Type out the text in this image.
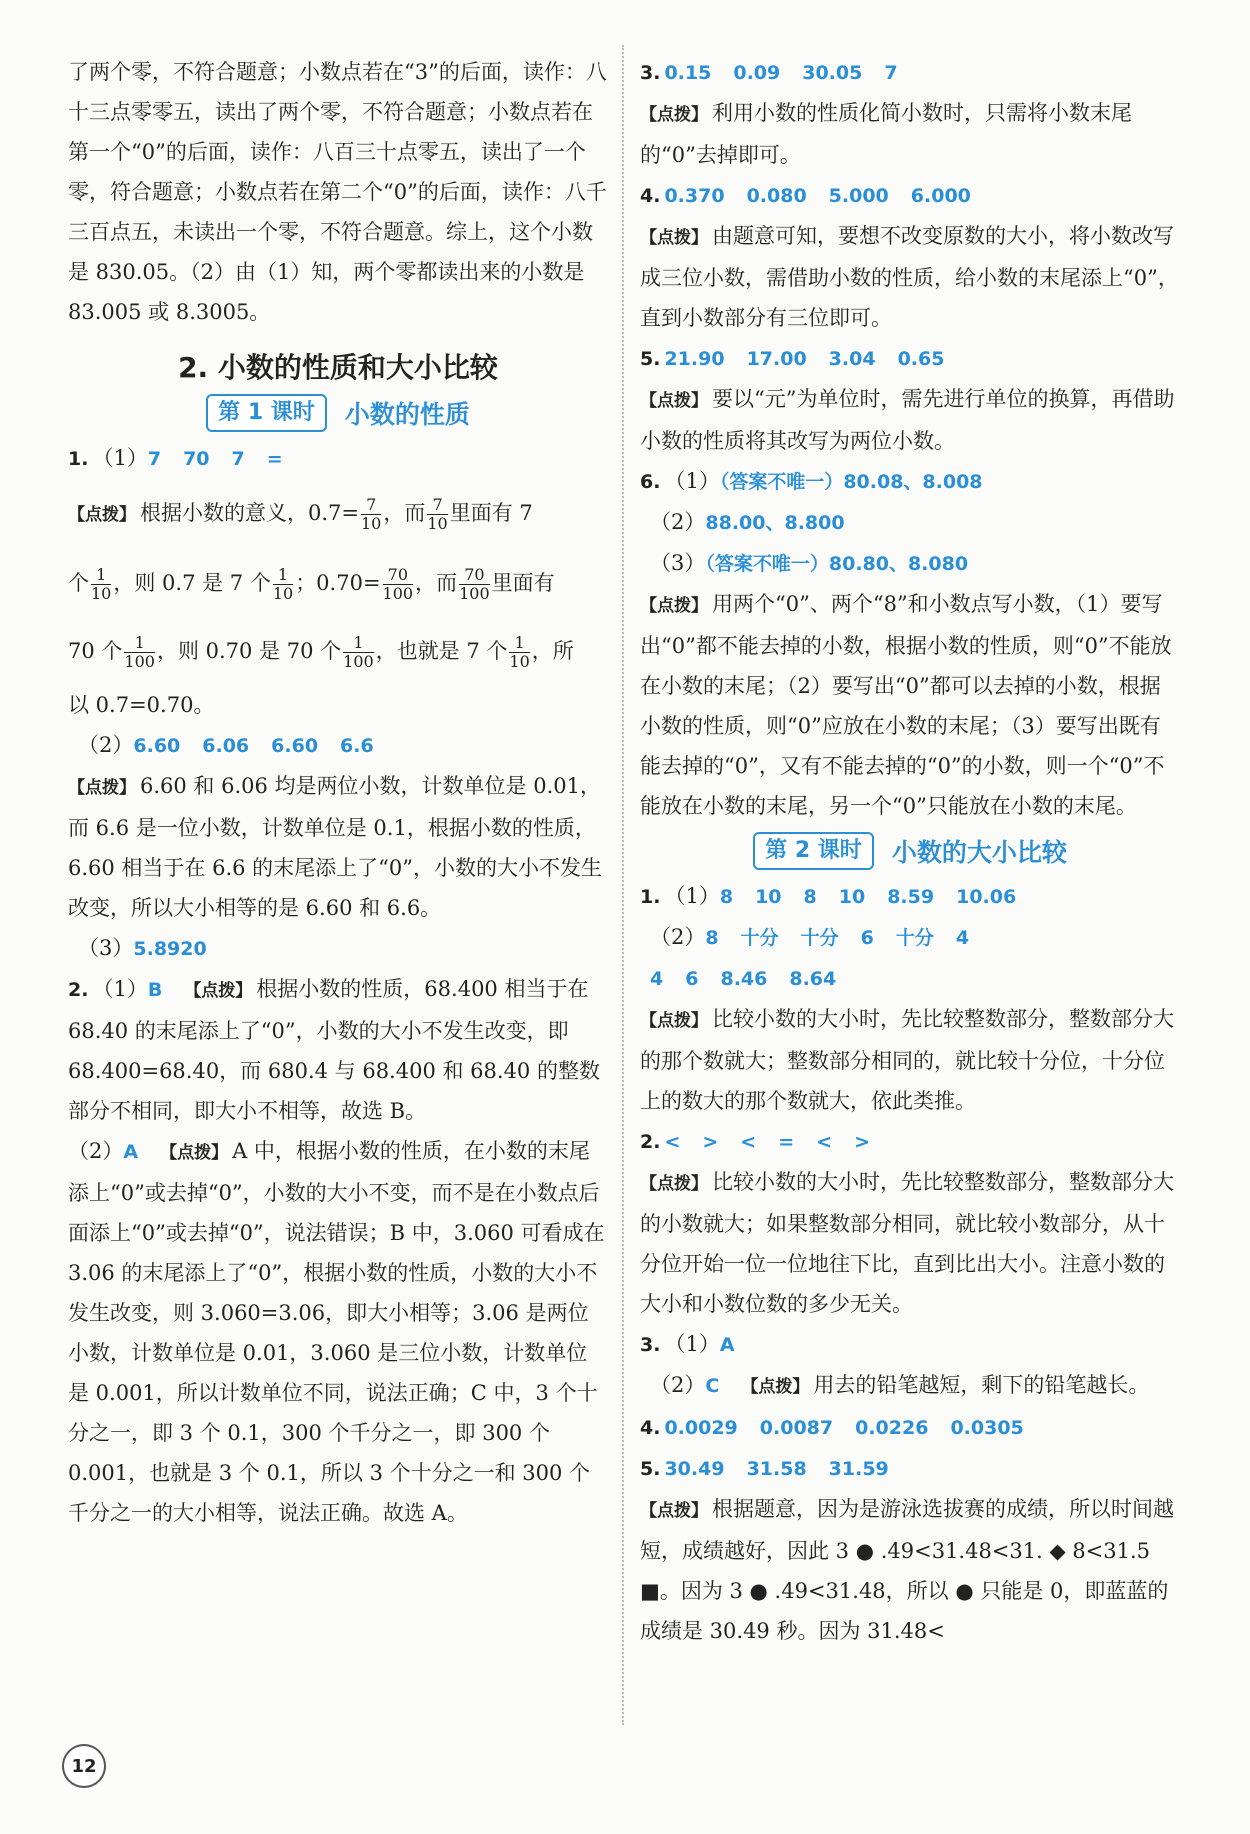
了两个零，不符合题意；小数点若在“3”的后面，读作：八十三点零零五，读出了两个零，不符合题意；小数点若在第一个“0”的后面，读作：八百三十点零五，读出了一个零，符合题意；小数点若在第二个“0”的后面，读作：八千三百点五，未读出一个零，不符合题意。综上，这个小数是 830.05。（2）由（1）知，两个零都读出来的小数是 83.005 或 8.3005。

2. 小数的性质和大小比较
第 1 课时	小数的性质

1. （1）7 70 7 =

【点拨】 根据小数的意义，$0.7= \frac{7}{10}$ ，而 $\frac{7}{10}$ 里面有 7
个 $\frac{1}{10}$ ，则 0.7 是 7 个 $\frac{1}{10}$ ；$0.70= \frac{70}{100}$ ，而 $\frac{70}{100}$ 里面有
70 个 $\frac{1}{100}$ ，则 0.70 是 70 个 $\frac{1}{100}$ ，也就是 7 个 $\frac{1}{10}$ ，所

以 0.7=0.70。

（2）6.60 6.06 6.60 6.6

【点拨】 6.60 和 6.06 均是两位小数，计数单位是 0.01，而 6.6 是一位小数，计数单位是 0.1，根据小数的性质，6.60 相当于在 6.6 的末尾添上了“0”，小数的大小不发生改变，所以大小相等的是 6.60 和 6.6。

（3）5.8920

2. （1）B 【点拨】 根据小数的性质，68.400 相当于在 68.40 的末尾添上了“0”，小数的大小不发生改变，即 68.400=68.40，而 680.4 与 68.400 和 68.40 的整数部分不相同，即大小不相等，故选 B。

（2）A 【点拨】 A 中，根据小数的性质，在小数的末尾添上“0”或去掉“0”，小数的大小不变，而不是在小数点后面添上“0”或去掉“0”，说法错误；B 中，3.060 可看成在 3.06 的末尾添上了“0”，根据小数的性质，小数的大小不发生改变，则 3.060=3.06，即大小相等；3.06 是两位小数，计数单位是 0.01，3.060 是三位小数，计数单位是 0.001，所以计数单位不同，说法正确；C 中，3 个十分之一，即 3 个 0.1，300 个千分之一，即 300 个 0.001，也就是 3 个 0.1，所以 3 个十分之一和 300 个千分之一的大小相等，说法正确。故选 A。

3. 0.15 0.09 30.05 7

【点拨】 利用小数的性质化简小数时，只需将小数末尾的“0”去掉即可。

4. 0.370 0.080 5.000 6.000

【点拨】 由题意可知，要想不改变原数的大小，将小数改写成三位小数，需借助小数的性质，给小数的末尾添上“0”，直到小数部分有三位即可。

5. 21.90 17.00 3.04 0.65

【点拨】 要以“元”为单位时，需先进行单位的换算，再借助小数的性质将其改写为两位小数。

6. （1）（答案不唯一）80.08、8.008

（2）88.00、8.800

（3）（答案不唯一）80.80、8.080

【点拨】 用两个“0”、两个“8”和小数点写小数，（1）要写出“0”都不能去掉的小数，根据小数的性质，则“0”不能放在小数的末尾；（2）要写出“0”都可以去掉的小数，根据小数的性质，则“0”应放在小数的末尾；（3）要写出既有能去掉的“0”，又有不能去掉的“0”的小数，则一个“0”不能放在小数的末尾，另一个“0”只能放在小数的末尾。

第 2 课时	小数的大小比较

1. （1）8 10 8 10 8.59 10.06

（2）8 十分 十分 6 十分 4

4 6 8.46 8.64

【点拨】 比较小数的大小时，先比较整数部分，整数部分大的那个数就大；整数部分相同的，就比较十分位，十分位上的数大的那个数就大，依此类推。

2. < > < = < >

【点拨】 比较小数的大小时，先比较整数部分，整数部分大的小数就大；如果整数部分相同，就比较小数部分，从十分位开始一位一位地往下比，直到比出大小。注意小数的大小和小数位数的多少无关。

3. （1）A

（2）C 【点拨】 用去的铅笔越短，剩下的铅笔越长。

4. 0.0029 0.0087 0.0226 0.0305

5. 30.49 31.58 31.59

【点拨】 根据题意，因为是游泳选拔赛的成绩，所以时间越短，成绩越好，因此 3 ● .49<31.48<31. ◆ 8<31.5 ■。因为 3 ● .49<31.48，所以 ● 只能是 0，即蓝蓝的成绩是 30.49 秒。因为 31.48<

12
